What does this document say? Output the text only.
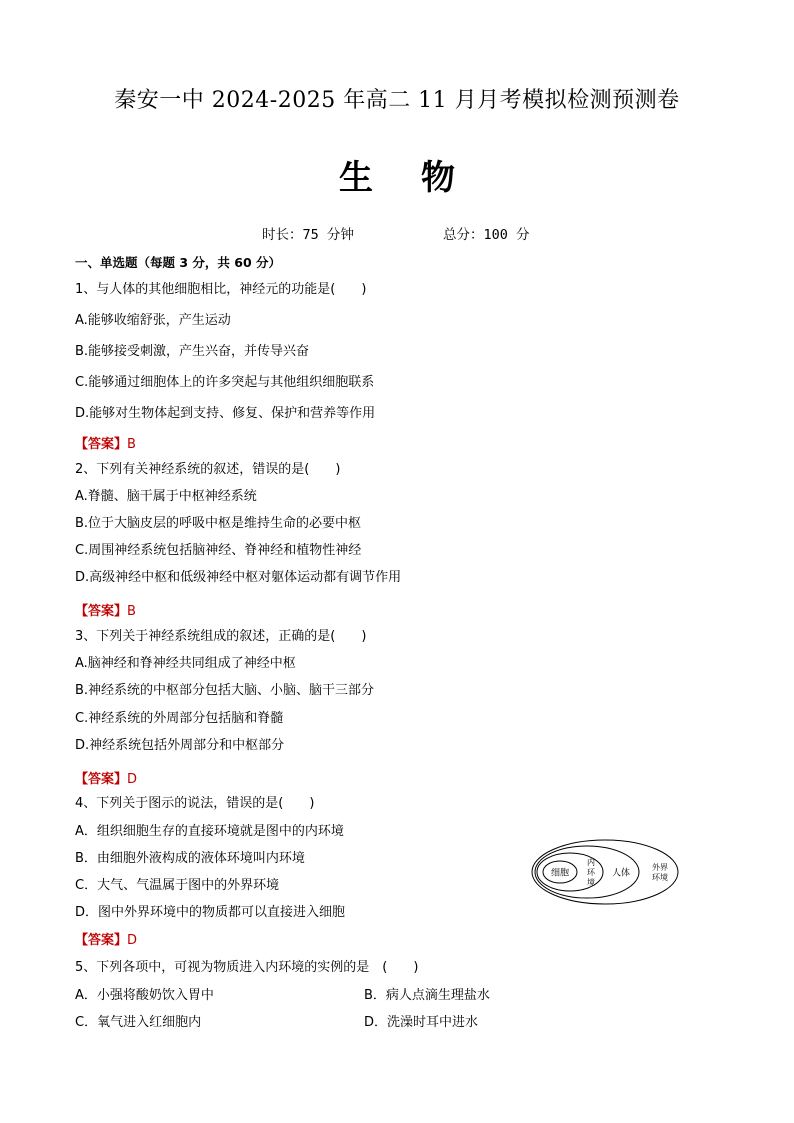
秦安一中 2024-2025 年高二 11 月月考模拟检测预测卷
生 物
时长：75 分钟	总分：100 分
一、单选题（每题 3 分，共 60 分）
1、与人体的其他细胞相比，神经元的功能是(　　)
A.能够收缩舒张，产生运动
B.能够接受刺激，产生兴奋，并传导兴奋
C.能够通过细胞体上的许多突起与其他组织细胞联系
D.能够对生物体起到支持、修复、保护和营养等作用
【答案】B
2、下列有关神经系统的叙述，错误的是(　　)
A.脊髓、脑干属于中枢神经系统
B.位于大脑皮层的呼吸中枢是维持生命的必要中枢
C.周围神经系统包括脑神经、脊神经和植物性神经
D.高级神经中枢和低级神经中枢对躯体运动都有调节作用
【答案】B
3、下列关于神经系统组成的叙述，正确的是(　　)
A.脑神经和脊神经共同组成了神经中枢
B.神经系统的中枢部分包括大脑、小脑、脑干三部分
C.神经系统的外周部分包括脑和脊髓
D.神经系统包括外周部分和中枢部分
【答案】D
4、下列关于图示的说法，错误的是(　　)
A．组织细胞生存的直接环境就是图中的内环境
B．由细胞外液构成的液体环境叫内环境
C．大气、气温属于图中的外界环境
D．图中外界环境中的物质都可以直接进入细胞
【答案】D
细胞
内
环
境
人体
外界
环境
5、下列各项中，可视为物质进入内环境的实例的是　(　　)
A．小强将酸奶饮入胃中	B．病人点滴生理盐水
C．氧气进入红细胞内	D．洗澡时耳中进水
